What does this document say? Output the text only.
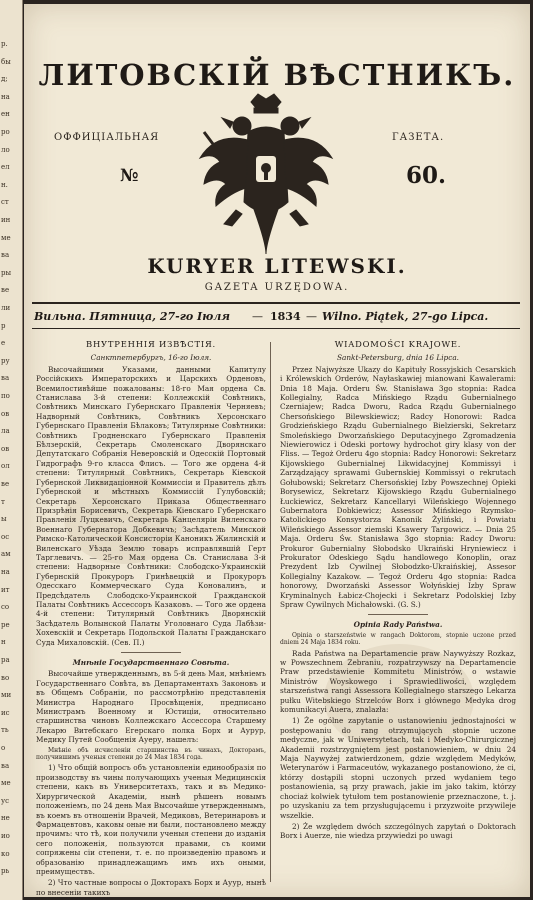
р.
бы
д;
на
ен
ро
ло
ел
н.
ст
ин
ме
ва
ры
ве
ли
р
е
ру
ва
по
ов
ла
ов
ол
ве
т
ы
ос
ам
на
ит
со
ре
н
ра
во
ми
ис
ть
о
ва
ме
ус
не
ио
ко
рь
ЛИТОВСКІЙ ВѢСТНИКЪ.
ОФФИЦІАЛЬНАЯ	ГАЗЕТА.
№	60.
KURYER LITEWSKI.
GAZETA URZĘDOWA.
Вильна. Пятница, 27-го Іюля — 1834 — Wilno. Piątek, 27-go Lipca.
ВНУТРЕННІЯ ИЗВѢСТІЯ.
Санктпетербургъ, 16-го Іюля.

Высочайшими Указами, данными Капитулу Россійскихъ Императорскихъ и Царскихъ Орденовъ, Всемилостивѣйше пожалованы: 18-го Мая ордена Св. Станислава 3-й степени: Коллежскій Совѣтникъ, Совѣтникъ Минскаго Губернскаго Правленія Черняевъ; Надворный Совѣтникъ, Совѣтникъ Херсонскаго Губернскаго Правленія Бѣлаковъ; Титулярные Совѣтники: Совѣтникъ Гродненскаго Губернскаго Правленія Бѣлзерскій, Секретарь Смоленскаго Дворянскаго Депутатскаго Собранія Неверовскій и Одесскій Портовый Гидрографъ 9-го класса Флисъ. — Того же ордена 4-й степени: Титулярный Совѣтникъ, Секретарь Кіевской Губернской Ликвидаціонной Коммиссіи и Правитель дѣлъ Губернской и мѣстныхъ Коммиссій Гулубовскій; Секретарь Херсонскаго Приказа Общественнаго Призрѣнія Борисевичъ, Секретарь Кіевскаго Губернскаго Правленія Луцкевичъ, Секретарь Канцеляріи Виленскаго Военнаго Губернатора Добкевичъ; Засѣдатель Минской Римско-Католической Консисторіи Каноникъ Жилинскій и Виленскаго Уѣзда Землю товаръ исправлявшій Герт Тарглевичъ. — 25-го Мая ордена Св. Станислава 3-й степени: Надворные Совѣтники: Слободско-Украинскій Губернскій Прокуроръ Гринѣвецкій и Прокуроръ Одесскаго Коммерческаго Суда Коновалинъ, и Предсѣдатель Слободско-Украинской Гражданской Палаты Совѣтникъ Ассессоръ Казаковъ. — Того же ордена 4-й степени: Титулярный Совѣтникъ Дворянскій Засѣдатель Волынской Палаты Уголовнаго Суда Лабѣзи-Хохевскій и Секретарь Подольской Палаты Гражданскаго Суда Михаловскій. (Сев. П.)

Мнѣніе Государственнаго Совѣта.

Высочайше утвержденнымъ, въ 5-й день Мая, мнѣніемъ Государственнаго Совѣта, въ Департаментахъ Законовъ и въ Общемъ Собраніи, по рассмотрѣнію представленія Министра Народнаго Просвѣщенія, предписано Министрамъ Военному и Юстиціи, относительно старшинства чиновъ Коллежскаго Ассессора Старшему Лекарю Витебскаго Егерскаго полка Борх и Аурур, Медику Путей Сообщенія Ауеру, нашелъ:

Мнѣніе объ исчисленіи старшинства въ чинахъ, Докторамъ, получившимъ ученыя степени до 24 Мая 1834 года.

1) Что общій вопросъ объ установленіи единообразія по производству въ чины получающихъ ученыя Медицинскія степени, какъ въ Университетахъ, такъ и въ Медико-Хирургической Академіи, нынѣ рѣшенъ новымъ положеніемъ, по 24 день Мая Высочайше утвержденнымъ, въ коемъ въ отношеніи Врачей, Медиковъ, Ветеринаровъ и Фармацевтовъ, каковы оные ни были, постановлено между прочимъ: что тѣ, кои получили ученыя степени до изданія сего положенія, пользуются правами, съ коими сопряжены сіи степени, т. е. по произведенію правомъ и образованію принадлежащимъ имъ ихъ оными, преимуществъ.

2) Что частные вопросы о Докторахъ Борх и Ауур, нынѣ по внесеніи такихъ

WIADOMOŚCI KRAJOWE.
Sankt-Petersburg, dnia 16 Lipca.

Przez Najwyższe Ukazy do Kapituły Rossyjskich Cesarskich i Królewskich Orderów, Nayłaskawiej mianowani Kawalerami: Dnia 18 Maja. Orderu Św. Stanisława 3go stopnia: Radca Kollegialny, Radca Mińskiego Rządu Gubernialnego Czerniajew; Radca Dworu, Radca Rządu Gubernialnego Chersońskiego Bilewskiewicz; Radcy Honorowi: Radca Grodzieńskiego Rządu Gubernialnego Bielzierski, Sekretarz Smoleńskiego Dworzańskiego Deputacyjnego Zgromadzenia Niewierowicz i Odeski portowy hydrochot giry klasy von der Fliss. — Tegoż Orderu 4go stopnia: Radcy Honorowi: Sekretarz Kijowskiego Gubernialnej Likwidacyjnej Kommissyi i Zarządzający sprawami Gubernskiej Kommissyi o rekrutach Gołubowski; Sekretarz Chersońskiej Izby Powszechnej Opieki Borysewicz, Sekretarz Kijowskiego Rządu Gubernialnego Łuckiewicz, Sekretarz Kancellaryi Wileńskiego Wojennego Gubernatora Dobkiewicz; Assessor Mińskiego Rzymsko-Katolickiego Konsystorza Kanonik Żyliński, i Powiatu Wileńskiego Assessor ziemski Ksawery Targowicz. — Dnia 25 Maja. Orderu Św. Stanisława 3go stopnia: Radcy Dworu: Prokuror Gubernialny Słobodsko Ukraiński Hryniewiecz i Prokurator Odeskiego Sądu handlowego Konoplin, oraz Prezydent Izb Cywilnej Słobodzko-Ukraińskiej, Assesor Kollegialny Kazakow. — Tegoż Orderu 4go stopnia: Radca honorowy, Dworzański Assessor Wołyńskiej Izby Spraw Kryminalnych Łabicz-Chojecki i Sekretarz Podolskiej Izby Spraw Cywilnych Michałowski. (G. S.)

Opinia Rady Państwa.

Opinia o starszeństwie w rangach Doktorom, stopnie uczone przed dniem 24 Maja 1834 roku.

Rada Państwa na Departamencie praw Naywyższy Rozkaz, w Powszechnem Zebraniu, rozpatrzywszy na Departamencie Praw przedstawienie Kommitetu Ministrów, o wstawie Ministrów Woyskowego i Sprawiedliwości, względem starszeństwa rangi Assessora Kollegialnego starszego Lekarza pułku Witebskiego Strzelców Borx i głównego Medyka drog komunikacyi Auera, znalazła:

1) Że ogólne zapytanie o ustanowieniu jednostajności w postępowaniu do rang otrzymujących stopnie uczone medyczne, jak w Uniwersytetach, tak i Medyko-Chirurgicznej Akademii rozstrzygniętem jest postanowieniem, w dniu 24 Maja Naywyżej zatwierdzonem, gdzie względem Medyków, Weterynarów i Farmaceutów, wykazanego postanowiono, że ci, którzy dostąpili stopni uczonych przed wydaniem tego postanowienia, są przy prawach, jakie im jako takim, którzy chociaż kolwiek tytułom tem postanowienie przeznaczone, t. j. po uzyskaniu za tem przysługującemu i przyzwoite przywileje wszelkie.

2) Że względem dwóch szczególnych zapytań o Doktorach Borx i Auerze, nie wiedza przywiedzi po uwagi
